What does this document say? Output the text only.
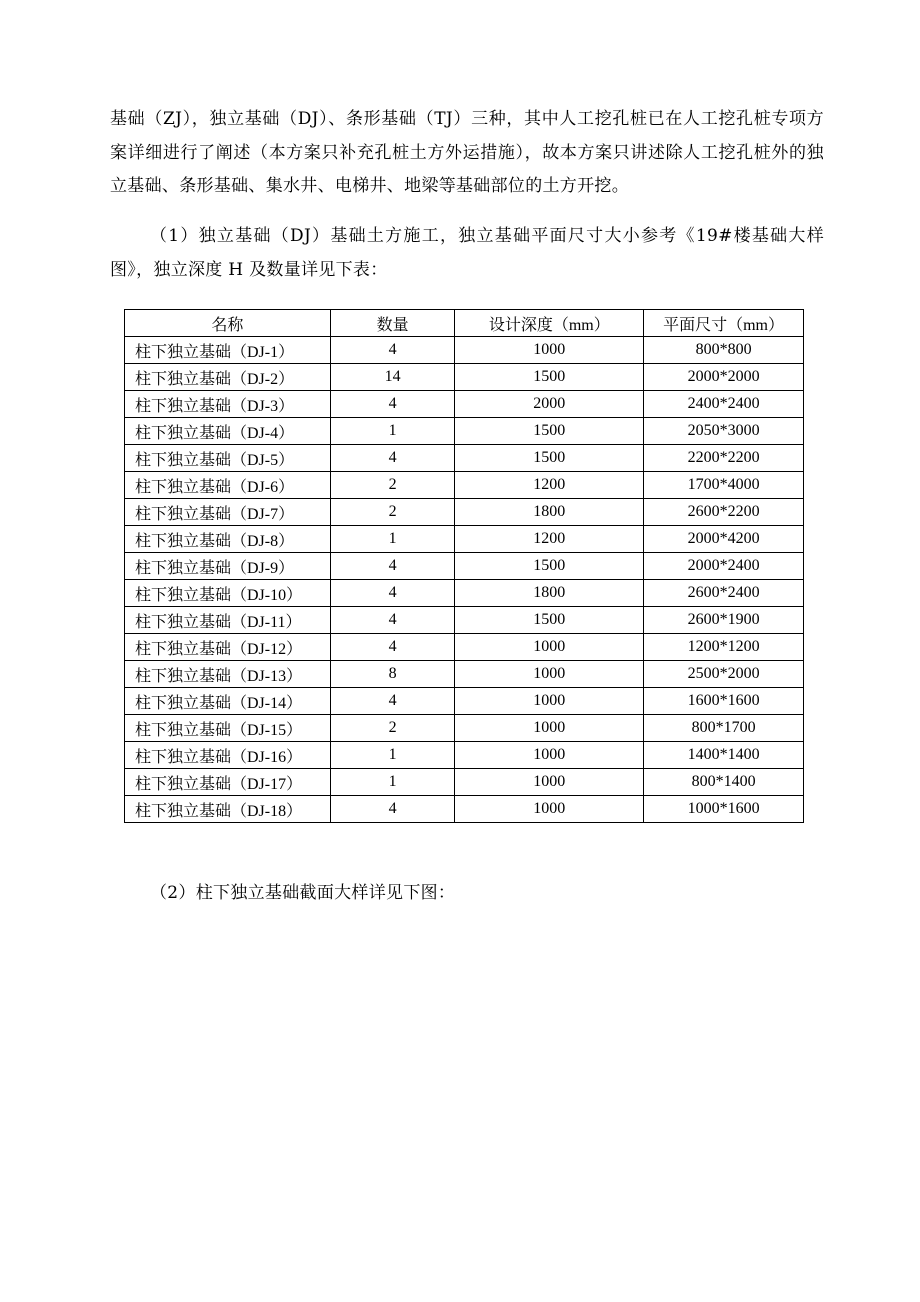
基础（ZJ），独立基础（DJ）、条形基础（TJ）三种，其中人工挖孔桩已在人工挖孔桩专项方案详细进行了阐述（本方案只补充孔桩土方外运措施），故本方案只讲述除人工挖孔桩外的独立基础、条形基础、集水井、电梯井、地梁等基础部位的土方开挖。

（1）独立基础（DJ）基础土方施工，独立基础平面尺寸大小参考《19#楼基础大样图》，独立深度 H 及数量详见下表：

名称	数量	设计深度（mm）	平面尺寸（mm）
柱下独立基础（DJ-1）	4	1000	800*800
柱下独立基础（DJ-2）	14	1500	2000*2000
柱下独立基础（DJ-3）	4	2000	2400*2400
柱下独立基础（DJ-4）	1	1500	2050*3000
柱下独立基础（DJ-5）	4	1500	2200*2200
柱下独立基础（DJ-6）	2	1200	1700*4000
柱下独立基础（DJ-7）	2	1800	2600*2200
柱下独立基础（DJ-8）	1	1200	2000*4200
柱下独立基础（DJ-9）	4	1500	2000*2400
柱下独立基础（DJ-10）	4	1800	2600*2400
柱下独立基础（DJ-11）	4	1500	2600*1900
柱下独立基础（DJ-12）	4	1000	1200*1200
柱下独立基础（DJ-13）	8	1000	2500*2000
柱下独立基础（DJ-14）	4	1000	1600*1600
柱下独立基础（DJ-15）	2	1000	800*1700
柱下独立基础（DJ-16）	1	1000	1400*1400
柱下独立基础（DJ-17）	1	1000	800*1400
柱下独立基础（DJ-18）	4	1000	1000*1600

（2）柱下独立基础截面大样详见下图：
